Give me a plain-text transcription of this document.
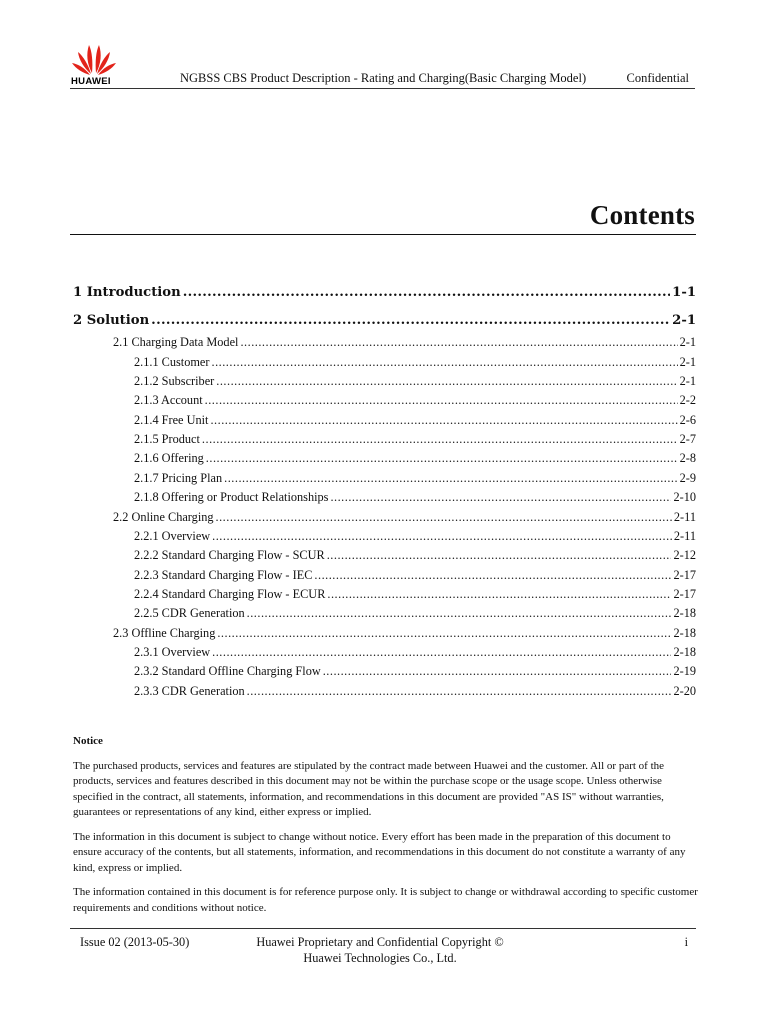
HUAWEI	NGBSS CBS Product Description - Rating and Charging(Basic Charging Model)	Confidential
Contents
1 Introduction .....	1-1
2 Solution .....	2-1
2.1 Charging Data Model .....	2-1
2.1.1 Customer .....	2-1
2.1.2 Subscriber .....	2-1
2.1.3 Account .....	2-2
2.1.4 Free Unit .....	2-6
2.1.5 Product .....	2-7
2.1.6 Offering .....	2-8
2.1.7 Pricing Plan .....	2-9
2.1.8 Offering or Product Relationships .....	2-10
2.2 Online Charging .....	2-11
2.2.1 Overview .....	2-11
2.2.2 Standard Charging Flow - SCUR .....	2-12
2.2.3 Standard Charging Flow - IEC .....	2-17
2.2.4 Standard Charging Flow - ECUR .....	2-17
2.2.5 CDR Generation .....	2-18
2.3 Offline Charging .....	2-18
2.3.1 Overview .....	2-18
2.3.2 Standard Offline Charging Flow .....	2-19
2.3.3 CDR Generation .....	2-20
Notice

The purchased products, services and features are stipulated by the contract made between Huawei and the customer. All or part of the products, services and features described in this document may not be within the purchase scope or the usage scope. Unless otherwise specified in the contract, all statements, information, and recommendations in this document are provided "AS IS" without warranties, guarantees or representations of any kind, either express or implied.

The information in this document is subject to change without notice. Every effort has been made in the preparation of this document to ensure accuracy of the contents, but all statements, information, and recommendations in this document do not constitute a warranty of any kind, express or implied.

The information contained in this document is for reference purpose only. It is subject to change or withdrawal according to specific customer requirements and conditions without notice.

Issue 02 (2013-05-30)	Huawei Proprietary and Confidential Copyright ©
Huawei Technologies Co., Ltd.
i
